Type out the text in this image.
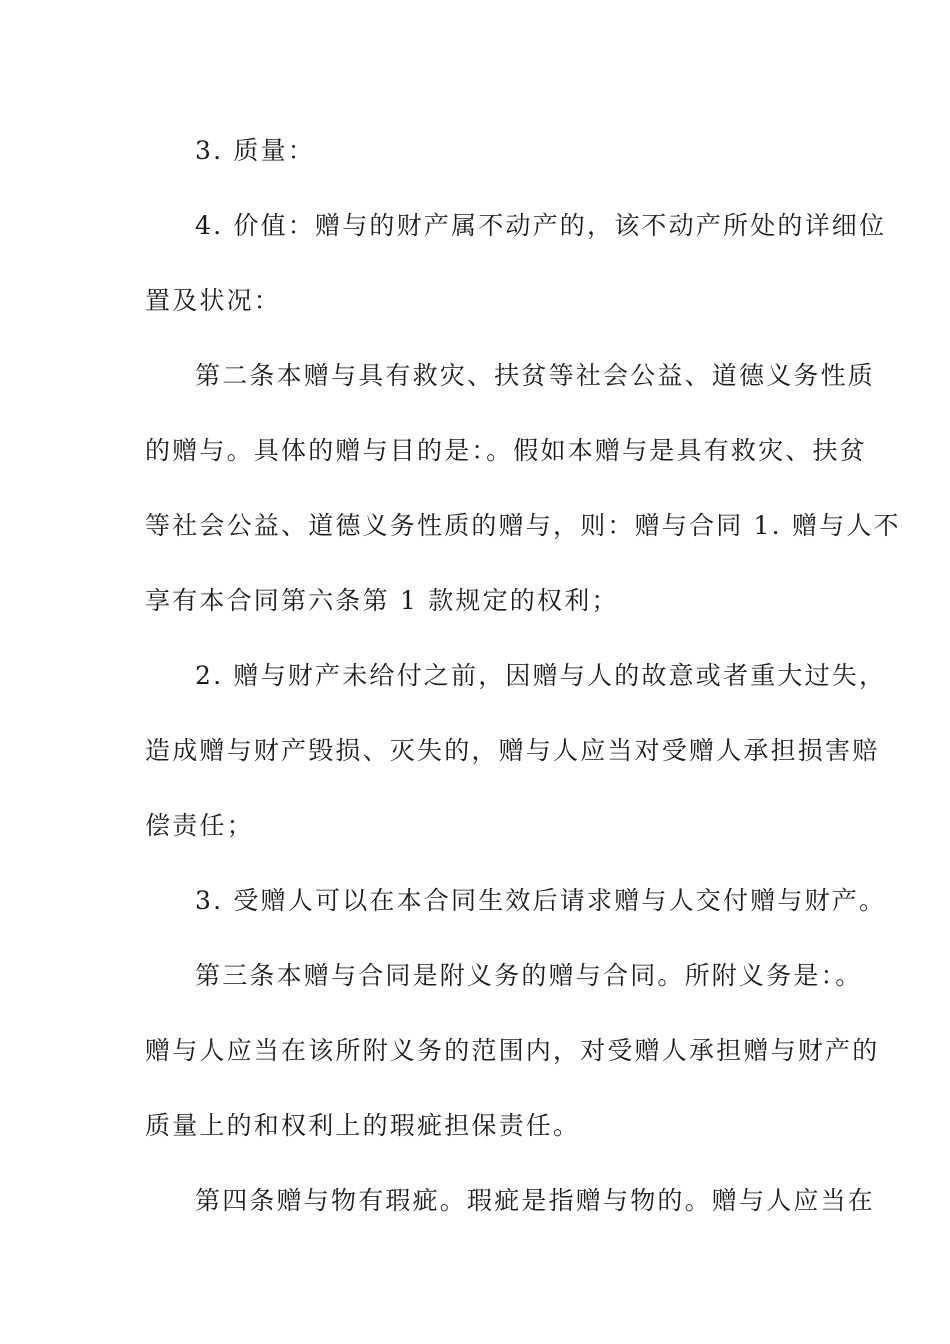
3. 质量：
4. 价值：赠与的财产属不动产的，该不动产所处的详细位
置及状况：
第二条本赠与具有救灾、扶贫等社会公益、道德义务性质
的赠与。具体的赠与目的是：。假如本赠与是具有救灾、扶贫
等社会公益、道德义务性质的赠与，则：赠与合同 1. 赠与人不
享有本合同第六条第 1 款规定的权利；
2. 赠与财产未给付之前，因赠与人的故意或者重大过失，
造成赠与财产毁损、灭失的，赠与人应当对受赠人承担损害赔
偿责任；
3. 受赠人可以在本合同生效后请求赠与人交付赠与财产。
第三条本赠与合同是附义务的赠与合同。所附义务是：。
赠与人应当在该所附义务的范围内，对受赠人承担赠与财产的
质量上的和权利上的瑕疵担保责任。
第四条赠与物有瑕疵。瑕疵是指赠与物的。赠与人应当在
